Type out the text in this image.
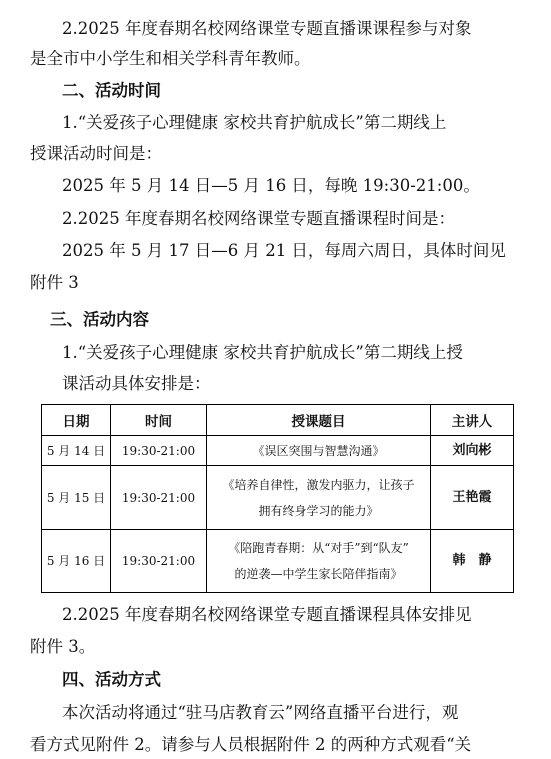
2.2025 年度春期名校网络课堂专题直播课课程参与对象
是全市中小学生和相关学科青年教师。
二、活动时间
1.“关爱孩子心理健康 家校共育护航成长”第二期线上
授课活动时间是：
2025 年 5 月 14 日—5 月 16 日，每晚 19:30-21:00。
2.2025 年度春期名校网络课堂专题直播课程时间是：
2025 年 5 月 17 日—6 月 21 日，每周六周日，具体时间见
附件 3
三、活动内容
1.“关爱孩子心理健康 家校共育护航成长”第二期线上授
课活动具体安排是：
日期	时间	授课题目	主讲人
5 月 14 日	19:30-21:00	《误区突围与智慧沟通》	刘向彬
5 月 15 日	19:30-21:00	《培养自律性，激发内驱力，让孩子
拥有终身学习的能力》	王艳霞
5 月 16 日	19:30-21:00	《陪跑青春期：从“对手”到“队友”
的逆袭—中学生家长陪伴指南》	韩　静
2.2025 年度春期名校网络课堂专题直播课程具体安排见
附件 3。
四、活动方式
本次活动将通过“驻马店教育云”网络直播平台进行，观
看方式见附件 2。请参与人员根据附件 2 的两种方式观看“关
